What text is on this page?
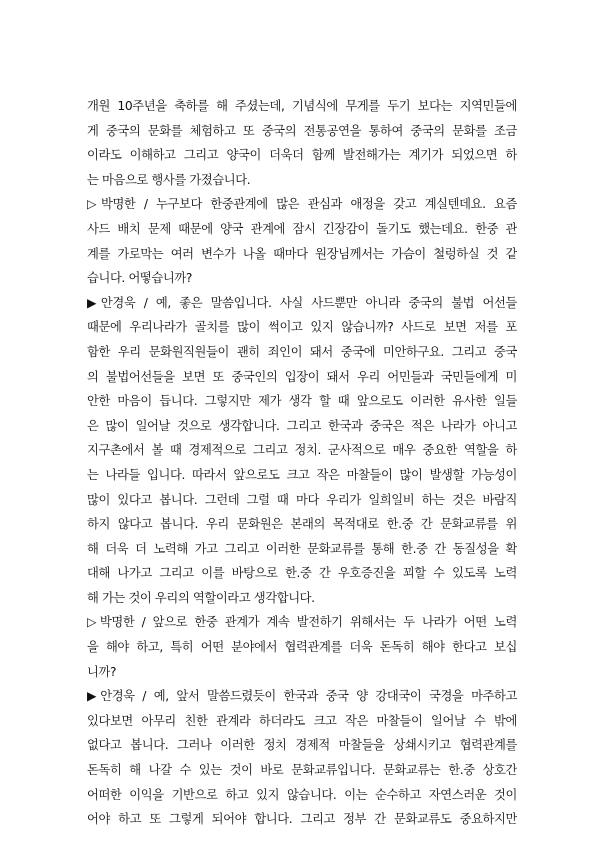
개원 10주년을 축하를 해 주셨는데, 기념식에 무게를 두기 보다는 지역민들에
게 중국의 문화를 체험하고 또 중국의 전통공연을 통하여 중국의 문화를 조금
이라도 이해하고 그리고 양국이 더욱더 함께 발전해가는 계기가 되었으면 하
는 마음으로 행사를 가졌습니다.
▷박명한 / 누구보다 한중관계에 많은 관심과 애정을 갖고 계실텐데요. 요즘
사드 배치 문제 때문에 양국 관계에 잠시 긴장감이 돌기도 했는데요. 한중 관
계를 가로막는 여러 변수가 나올 때마다 원장님께서는 가슴이 철렁하실 것 같
습니다. 어떻습니까?
▶안경욱 / 예, 좋은 말씀입니다. 사실 사드뿐만 아니라 중국의 불법 어선들
때문에 우리나라가 골치를 많이 썩이고 있지 않습니까? 사드로 보면 저를 포
함한 우리 문화원직원들이 괜히 죄인이 돼서 중국에 미안하구요. 그리고 중국
의 불법어선들을 보면 또 중국인의 입장이 돼서 우리 어민들과 국민들에게 미
안한 마음이 듭니다. 그렇지만 제가 생각 할 때 앞으로도 이러한 유사한 일들
은 많이 일어날 것으로 생각합니다. 그리고 한국과 중국은 적은 나라가 아니고
지구촌에서 볼 때 경제적으로 그리고 정치. 군사적으로 매우 중요한 역할을 하
는 나라들 입니다. 따라서 앞으로도 크고 작은 마찰들이 많이 발생할 가능성이
많이 있다고 봅니다. 그런데 그럴 때 마다 우리가 일희일비 하는 것은 바람직
하지 않다고 봅니다. 우리 문화원은 본래의 목적대로 한.중 간 문화교류를 위
해 더욱 더 노력해 가고 그리고 이러한 문화교류를 통해 한.중 간 동질성을 확
대해 나가고 그리고 이를 바탕으로 한.중 간 우호증진을 꾀할 수 있도록 노력
해 가는 것이 우리의 역할이라고 생각합니다.
▷박명한 / 앞으로 한중 관계가 계속 발전하기 위해서는 두 나라가 어떤 노력
을 해야 하고, 특히 어떤 분야에서 협력관계를 더욱 돈독히 해야 한다고 보십
니까?
▶안경욱 / 예, 앞서 말씀드렸듯이 한국과 중국 양 강대국이 국경을 마주하고
있다보면 아무리 친한 관계라 하더라도 크고 작은 마찰들이 일어날 수 밖에
없다고 봅니다. 그러나 이러한 정치 경제적 마찰들을 상쇄시키고 협력관계를
돈독히 해 나갈 수 있는 것이 바로 문화교류입니다. 문화교류는 한.중 상호간
어떠한 이익을 기반으로 하고 있지 않습니다. 이는 순수하고 자연스러운 것이
어야 하고 또 그렇게 되어야 합니다. 그리고 정부 간 문화교류도 중요하지만
